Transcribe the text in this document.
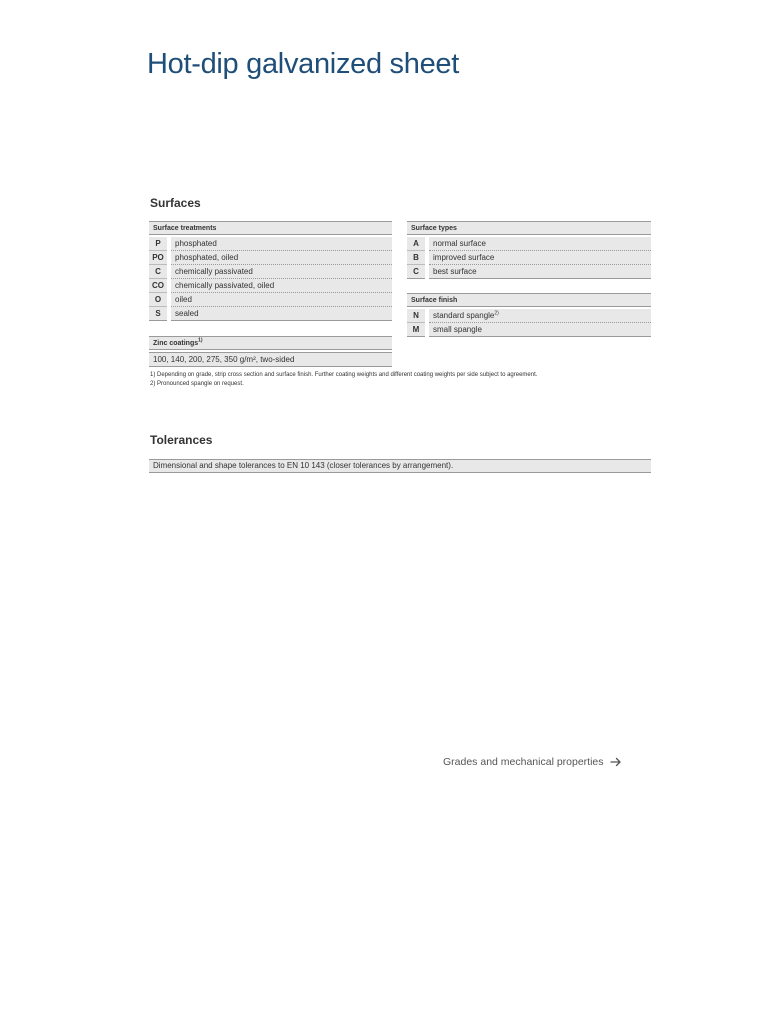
Hot-dip galvanized sheet
Surfaces
Surface treatments
P	phosphated
PO	phosphated, oiled
C	chemically passivated
CO	chemically passivated, oiled
O	oiled
S	sealed
Surface types
A	normal surface
B	improved surface
C	best surface
Surface finish
N	standard spangle$^{2)}$
M	small spangle
Zinc coatings$^{1)}$
100, 140, 200, 275, 350 g/m², two-sided
1) Depending on grade, strip cross section and surface finish. Further coating weights and different coating weights per side subject to agreement.
2) Pronounced spangle on request.
Tolerances
Dimensional and shape tolerances to EN 10 143 (closer tolerances by arrangement).
Grades and mechanical properties
